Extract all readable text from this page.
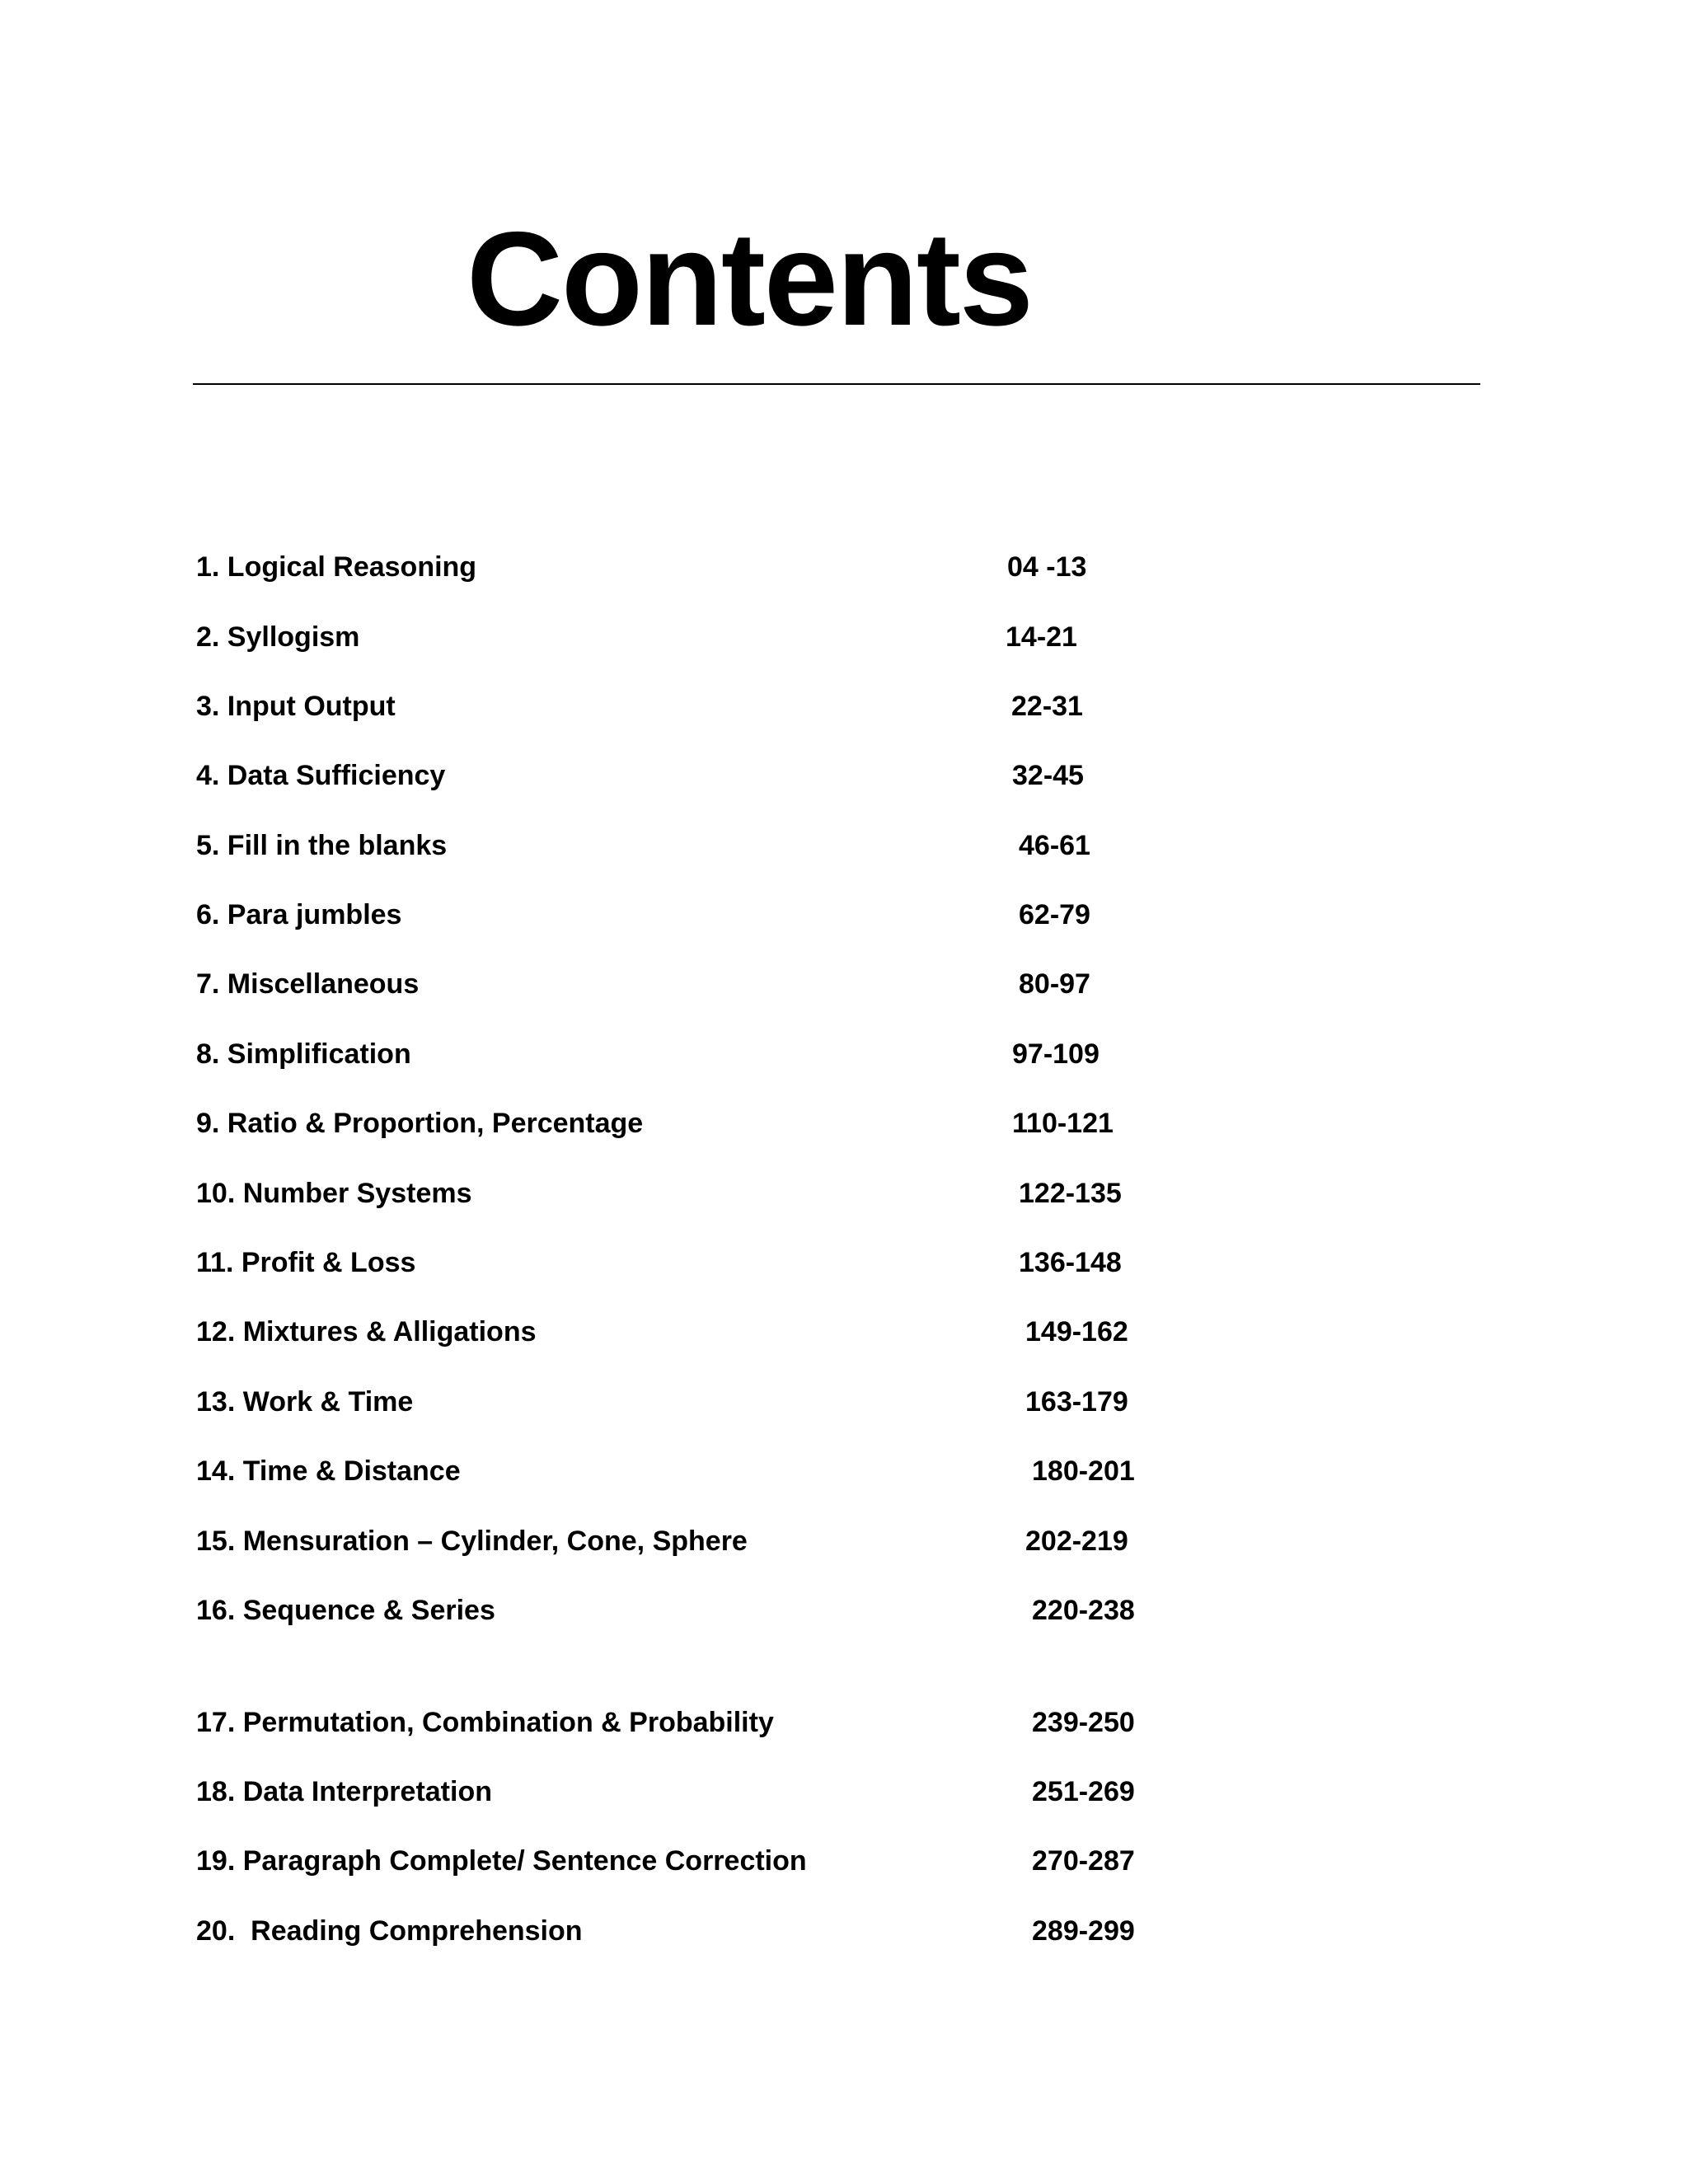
Contents
1. Logical Reasoning	04 -13
2. Syllogism	14-21
3. Input Output	22-31
4. Data Sufficiency	32-45
5. Fill in the blanks	46-61
6. Para jumbles	62-79
7. Miscellaneous	80-97
8. Simplification	97-109
9. Ratio & Proportion, Percentage	110-121
10. Number Systems	122-135
11. Profit & Loss	136-148
12. Mixtures & Alligations	149-162
13. Work & Time	163-179
14. Time & Distance	180-201
15. Mensuration – Cylinder, Cone, Sphere	202-219
16. Sequence & Series	220-238
17. Permutation, Combination & Probability	239-250
18. Data Interpretation	251-269
19. Paragraph Complete/ Sentence Correction	270-287
20.  Reading Comprehension	289-299
